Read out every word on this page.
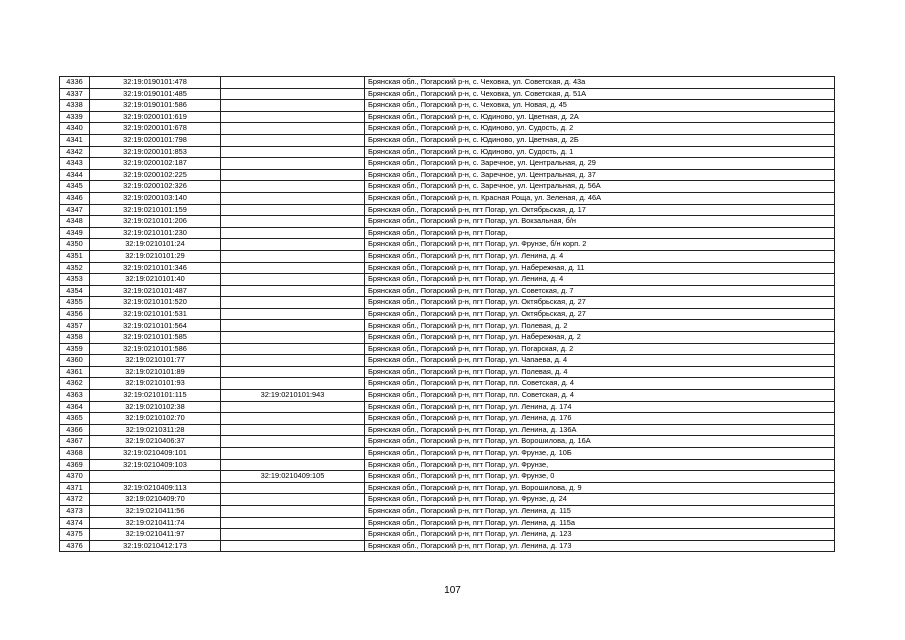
4336	32:19:0190101:478		Брянская обл., Погарский р-н, с. Чеховка, ул. Советская, д. 43а
4337	32:19:0190101:485		Брянская обл., Погарский р-н, с. Чеховка, ул. Советская, д. 51А
4338	32:19:0190101:586		Брянская обл., Погарский р-н, с. Чеховка, ул. Новая, д. 45
4339	32:19:0200101:619		Брянская обл., Погарский р-н, с. Юдиново, ул. Цветная, д. 2А
4340	32:19:0200101:678		Брянская обл., Погарский р-н, с. Юдиново, ул. Судость, д. 2
4341	32:19:0200101:798		Брянская обл., Погарский р-н, с. Юдиново, ул. Цветная, д. 2Б
4342	32:19:0200101:853		Брянская обл., Погарский р-н, с. Юдиново, ул. Судость, д. 1
4343	32:19:0200102:187		Брянская обл., Погарский р-н, с. Заречное, ул. Центральная, д. 29
4344	32:19:0200102:225		Брянская обл., Погарский р-н, с. Заречное, ул. Центральная, д. 37
4345	32:19:0200102:326		Брянская обл., Погарский р-н, с. Заречное, ул. Центральная, д. 56А
4346	32:19:0200103:140		Брянская обл., Погарский р-н, п. Красная Роща, ул. Зеленая, д. 46А
4347	32:19:0210101:159		Брянская обл., Погарский р-н, пгт Погар, ул. Октябрьская, д. 17
4348	32:19:0210101:206		Брянская обл., Погарский р-н, пгт Погар, ул. Вокзальная, б/н
4349	32:19:0210101:230		Брянская обл., Погарский р-н, пгт Погар,
4350	32:19:0210101:24		Брянская обл., Погарский р-н, пгт Погар, ул. Фрунзе, б/н корп. 2
4351	32:19:0210101:29		Брянская обл., Погарский р-н, пгт Погар, ул. Ленина, д. 4
4352	32:19:0210101:346		Брянская обл., Погарский р-н, пгт Погар, ул. Набережная, д. 11
4353	32:19:0210101:40		Брянская обл., Погарский р-н, пгт Погар, ул. Ленина, д. 4
4354	32:19:0210101:487		Брянская обл., Погарский р-н, пгт Погар, ул. Советская, д. 7
4355	32:19:0210101:520		Брянская обл., Погарский р-н, пгт Погар, ул. Октябрьская, д. 27
4356	32:19:0210101:531		Брянская обл., Погарский р-н, пгт Погар, ул. Октябрьская, д. 27
4357	32:19:0210101:564		Брянская обл., Погарский р-н, пгт Погар, ул. Полевая, д. 2
4358	32:19:0210101:585		Брянская обл., Погарский р-н, пгт Погар, ул. Набережная, д. 2
4359	32:19:0210101:586		Брянская обл., Погарский р-н, пгт Погар, ул. Погарская, д. 2
4360	32:19:0210101:77		Брянская обл., Погарский р-н, пгт Погар, ул. Чапаева, д. 4
4361	32:19:0210101:89		Брянская обл., Погарский р-н, пгт Погар, ул. Полевая, д. 4
4362	32:19:0210101:93		Брянская обл., Погарский р-н, пгт Погар, пл. Советская, д. 4
4363	32:19:0210101:115	32:19:0210101:943	Брянская обл., Погарский р-н, пгт Погар, пл. Советская, д. 4
4364	32:19:0210102:38		Брянская обл., Погарский р-н, пгт Погар, ул. Ленина, д. 174
4365	32:19:0210102:70		Брянская обл., Погарский р-н, пгт Погар, ул. Ленина, д. 176
4366	32:19:0210311:28		Брянская обл., Погарский р-н, пгт Погар, ул. Ленина, д. 136А
4367	32:19:0210406:37		Брянская обл., Погарский р-н, пгт Погар, ул. Ворошилова, д. 16А
4368	32:19:0210409:101		Брянская обл., Погарский р-н, пгт Погар, ул. Фрунзе, д. 10Б
4369	32:19:0210409:103		Брянская обл., Погарский р-н, пгт Погар, ул. Фрунзе,
4370		32:19:0210409:105	Брянская обл., Погарский р-н, пгт Погар, ул. Фрунзе, 0
4371	32:19:0210409:113		Брянская обл., Погарский р-н, пгт Погар, ул. Ворошилова, д. 9
4372	32:19:0210409:70		Брянская обл., Погарский р-н, пгт Погар, ул. Фрунзе, д. 24
4373	32:19:0210411:56		Брянская обл., Погарский р-н, пгт Погар, ул. Ленина, д. 115
4374	32:19:0210411:74		Брянская обл., Погарский р-н, пгт Погар, ул. Ленина, д. 115а
4375	32:19:0210411:97		Брянская обл., Погарский р-н, пгт Погар, ул. Ленина, д. 123
4376	32:19:0210412:173		Брянская обл., Погарский р-н, пгт Погар, ул. Ленина, д. 173
107
